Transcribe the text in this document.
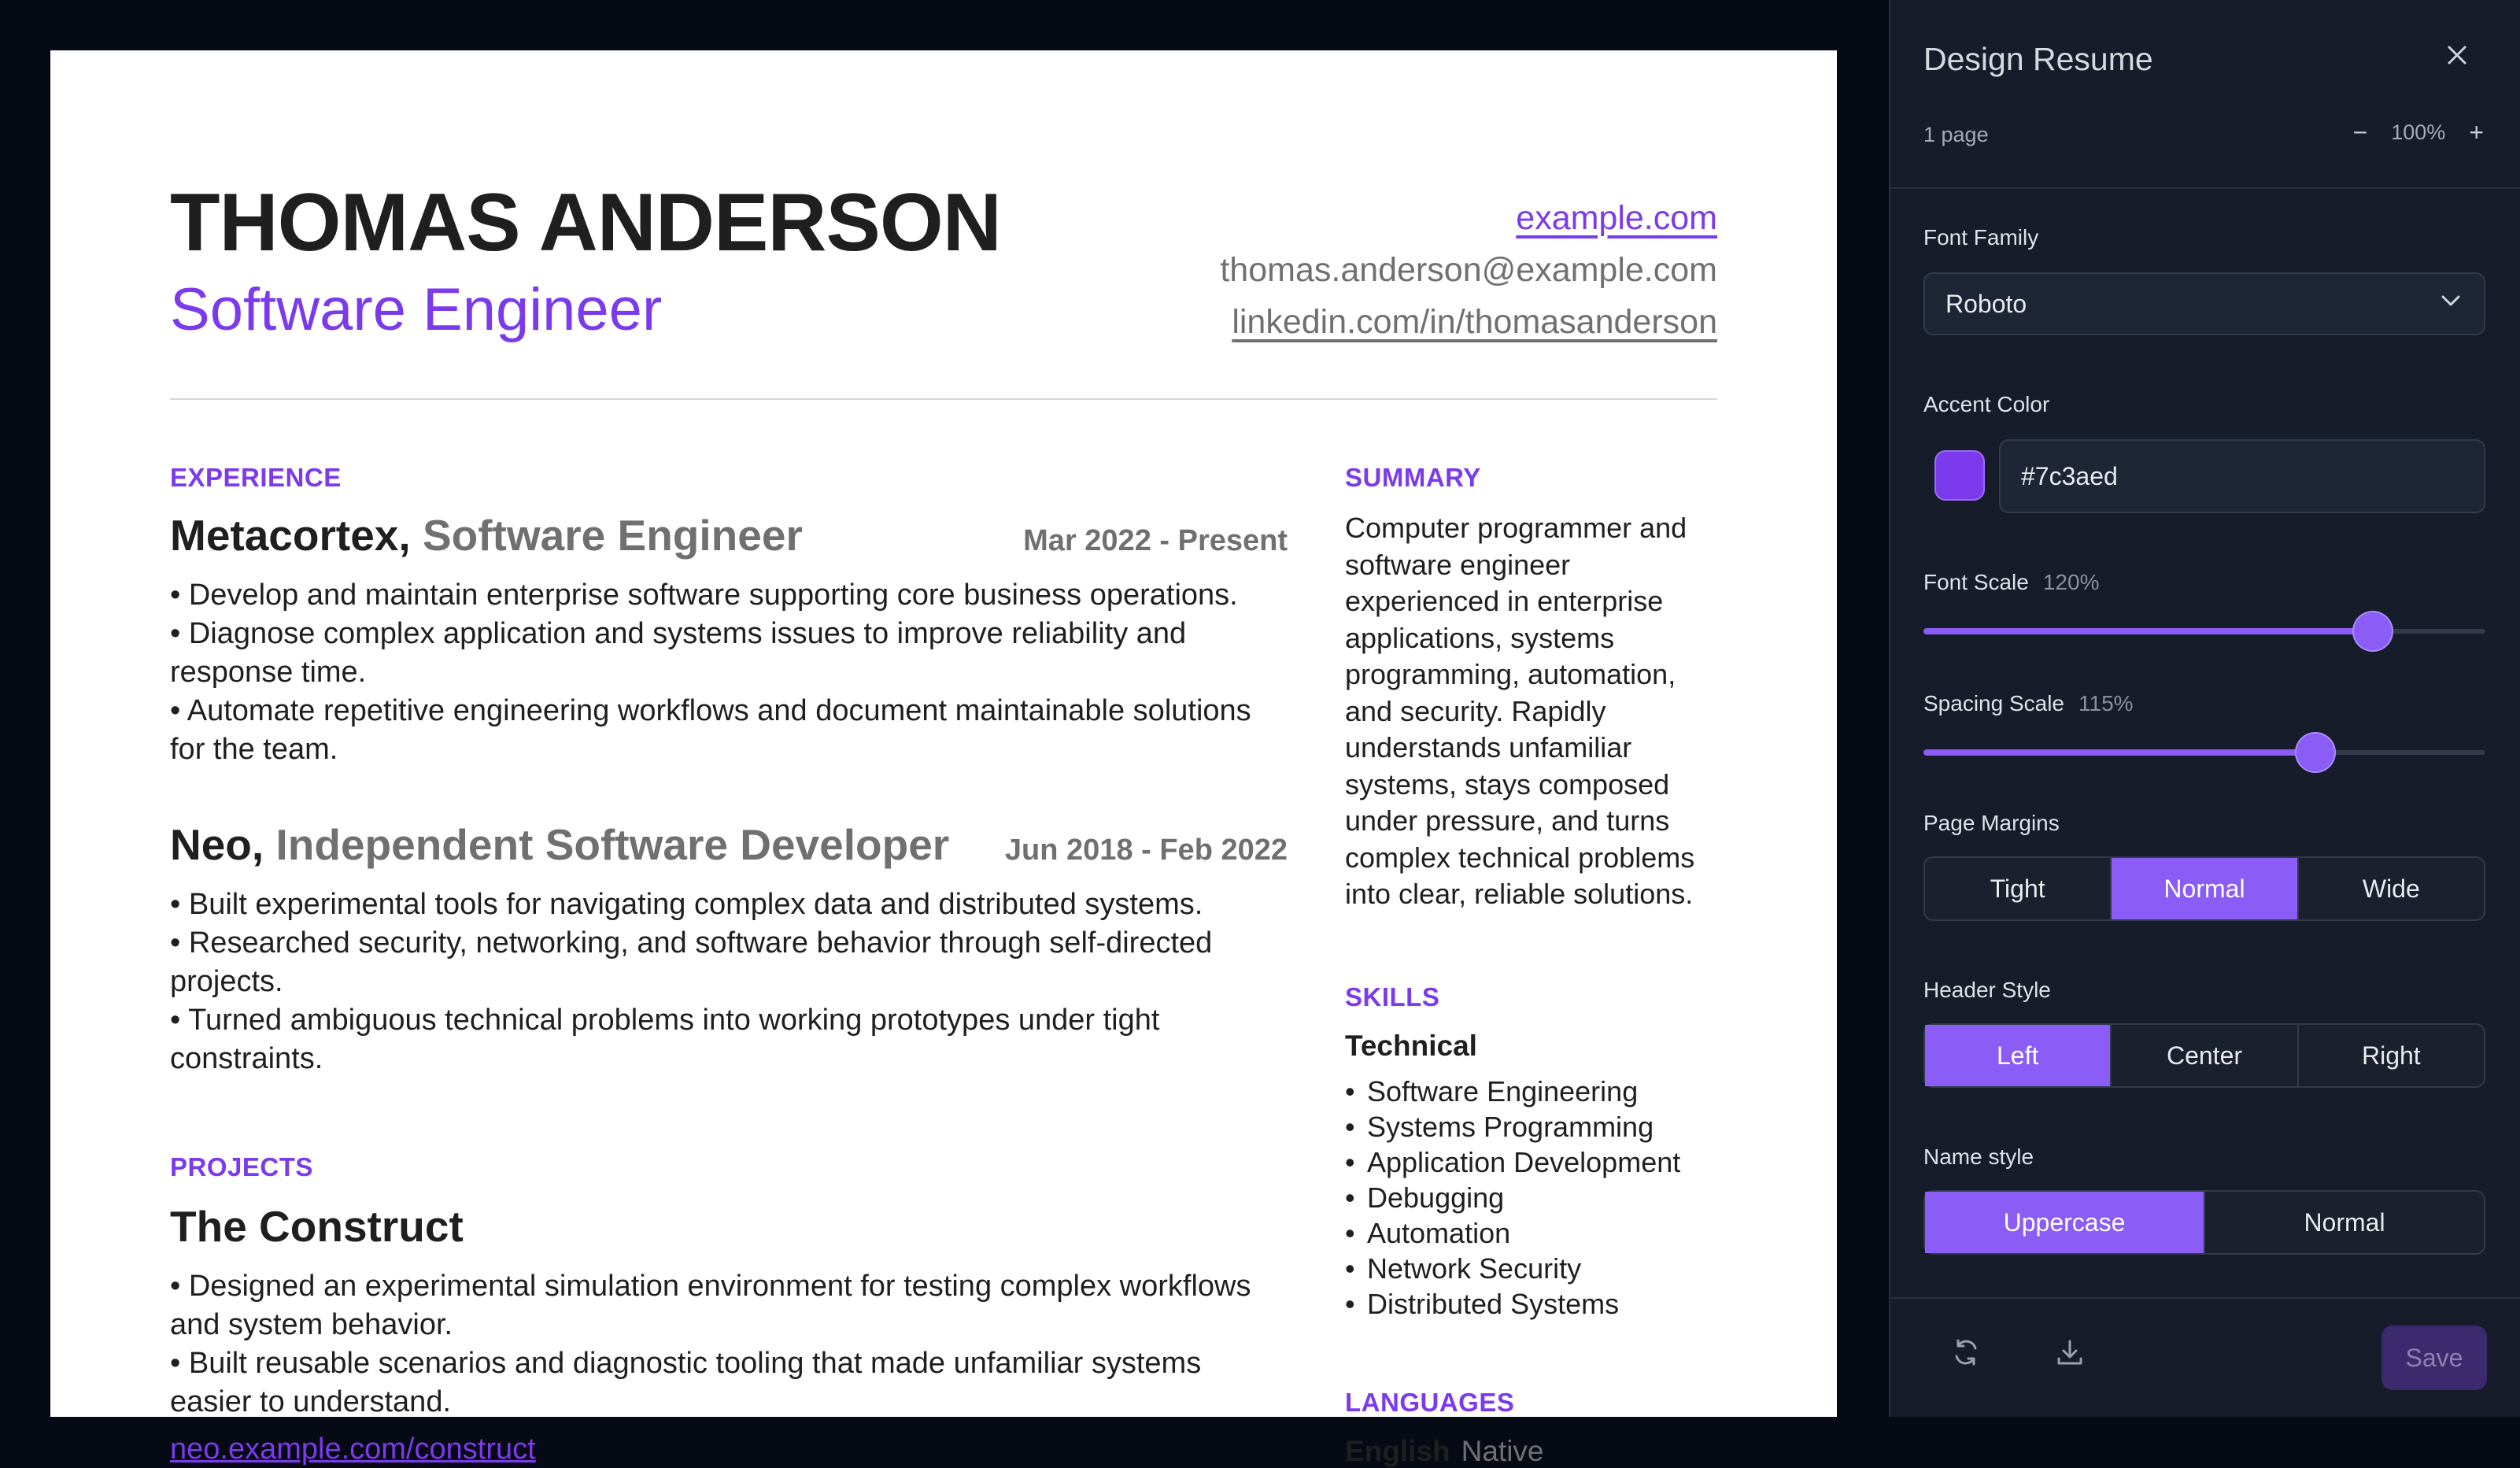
THOMAS ANDERSON
Software Engineer
example.com
thomas.anderson@example.com
linkedin.com/in/thomasanderson
EXPERIENCE
Metacortex, Software Engineer	Mar 2022 - Present
• Develop and maintain enterprise software supporting core business operations.
• Diagnose complex application and systems issues to improve reliability and response time.
• Automate repetitive engineering workflows and document maintainable solutions for the team.
Neo, Independent Software Developer Jun 2018 - Feb 2022
• Built experimental tools for navigating complex data and distributed systems.
• Researched security, networking, and software behavior through self-directed projects.
• Turned ambiguous technical problems into working prototypes under tight constraints.
PROJECTS
The Construct
• Designed an experimental simulation environment for testing complex workflows and system behavior.
• Built reusable scenarios and diagnostic tooling that made unfamiliar systems easier to understand.
neo.example.com/construct
SUMMARY
Computer programmer and software engineer experienced in enterprise applications, systems programming, automation, and security. Rapidly understands unfamiliar systems, stays composed under pressure, and turns complex technical problems into clear, reliable solutions.
SKILLS
Technical
• Software Engineering
• Systems Programming
• Application Development
• Debugging
• Automation
• Network Security
• Distributed Systems
LANGUAGES
English Native
Design Resume
1 page	− 100% +
Font Family
Roboto
Accent Color
#7c3aed
Font Scale 120%
Spacing Scale 115%
Page Margins
Tight	Normal	Wide
Header Style
Left	Center	Right
Name style
Uppercase	Normal
Save
